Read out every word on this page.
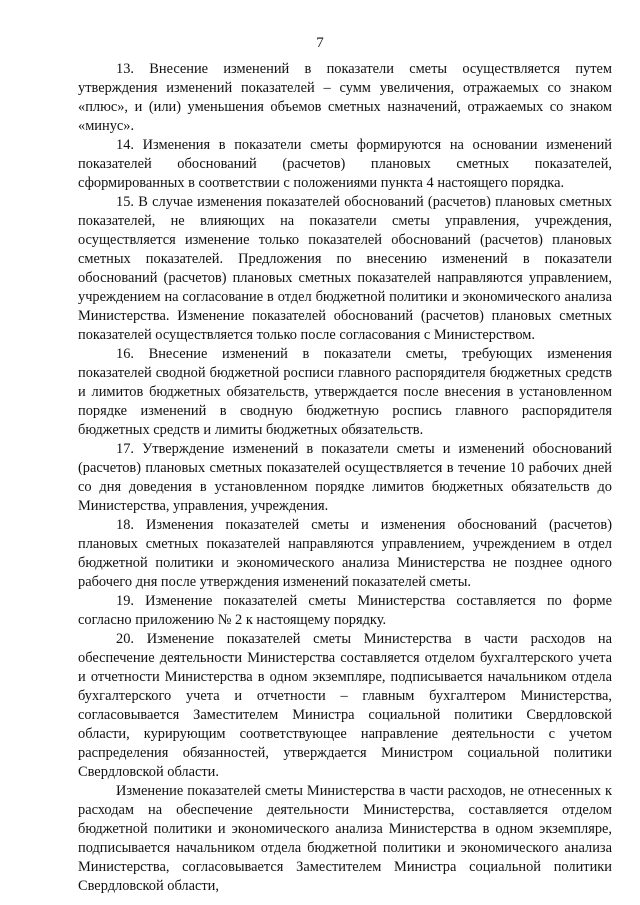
7

13. Внесение изменений в показатели сметы осуществляется путем утверждения изменений показателей – сумм увеличения, отражаемых со знаком «плюс», и (или) уменьшения объемов сметных назначений, отражаемых со знаком «минус».

14. Изменения в показатели сметы формируются на основании изменений показателей обоснований (расчетов) плановых сметных показателей, сформированных в соответствии с положениями пункта 4 настоящего порядка.

15. В случае изменения показателей обоснований (расчетов) плановых сметных показателей, не влияющих на показатели сметы управления, учреждения, осуществляется изменение только показателей обоснований (расчетов) плановых сметных показателей. Предложения по внесению изменений в показатели обоснований (расчетов) плановых сметных показателей направляются управлением, учреждением на согласование в отдел бюджетной политики и экономического анализа Министерства. Изменение показателей обоснований (расчетов) плановых сметных показателей осуществляется только после согласования с Министерством.

16. Внесение изменений в показатели сметы, требующих изменения показателей сводной бюджетной росписи главного распорядителя бюджетных средств и лимитов бюджетных обязательств, утверждается после внесения в установленном порядке изменений в сводную бюджетную роспись главного распорядителя бюджетных средств и лимиты бюджетных обязательств.

17. Утверждение изменений в показатели сметы и изменений обоснований (расчетов) плановых сметных показателей осуществляется в течение 10 рабочих дней со дня доведения в установленном порядке лимитов бюджетных обязательств до Министерства, управления, учреждения.

18. Изменения показателей сметы и изменения обоснований (расчетов) плановых сметных показателей направляются управлением, учреждением в отдел бюджетной политики и экономического анализа Министерства не позднее одного рабочего дня после утверждения изменений показателей сметы.

19. Изменение показателей сметы Министерства составляется по форме согласно приложению № 2 к настоящему порядку.

20. Изменение показателей сметы Министерства в части расходов на обеспечение деятельности Министерства составляется отделом бухгалтерского учета и отчетности Министерства в одном экземпляре, подписывается начальником отдела бухгалтерского учета и отчетности – главным бухгалтером Министерства, согласовывается Заместителем Министра социальной политики Свердловской области, курирующим соответствующее направление деятельности с учетом распределения обязанностей, утверждается Министром социальной политики Свердловской области.

Изменение показателей сметы Министерства в части расходов, не отнесенных к расходам на обеспечение деятельности Министерства, составляется отделом бюджетной политики и экономического анализа Министерства в одном экземпляре, подписывается начальником отдела бюджетной политики и экономического анализа Министерства, согласовывается Заместителем Министра социальной политики Свердловской области,
